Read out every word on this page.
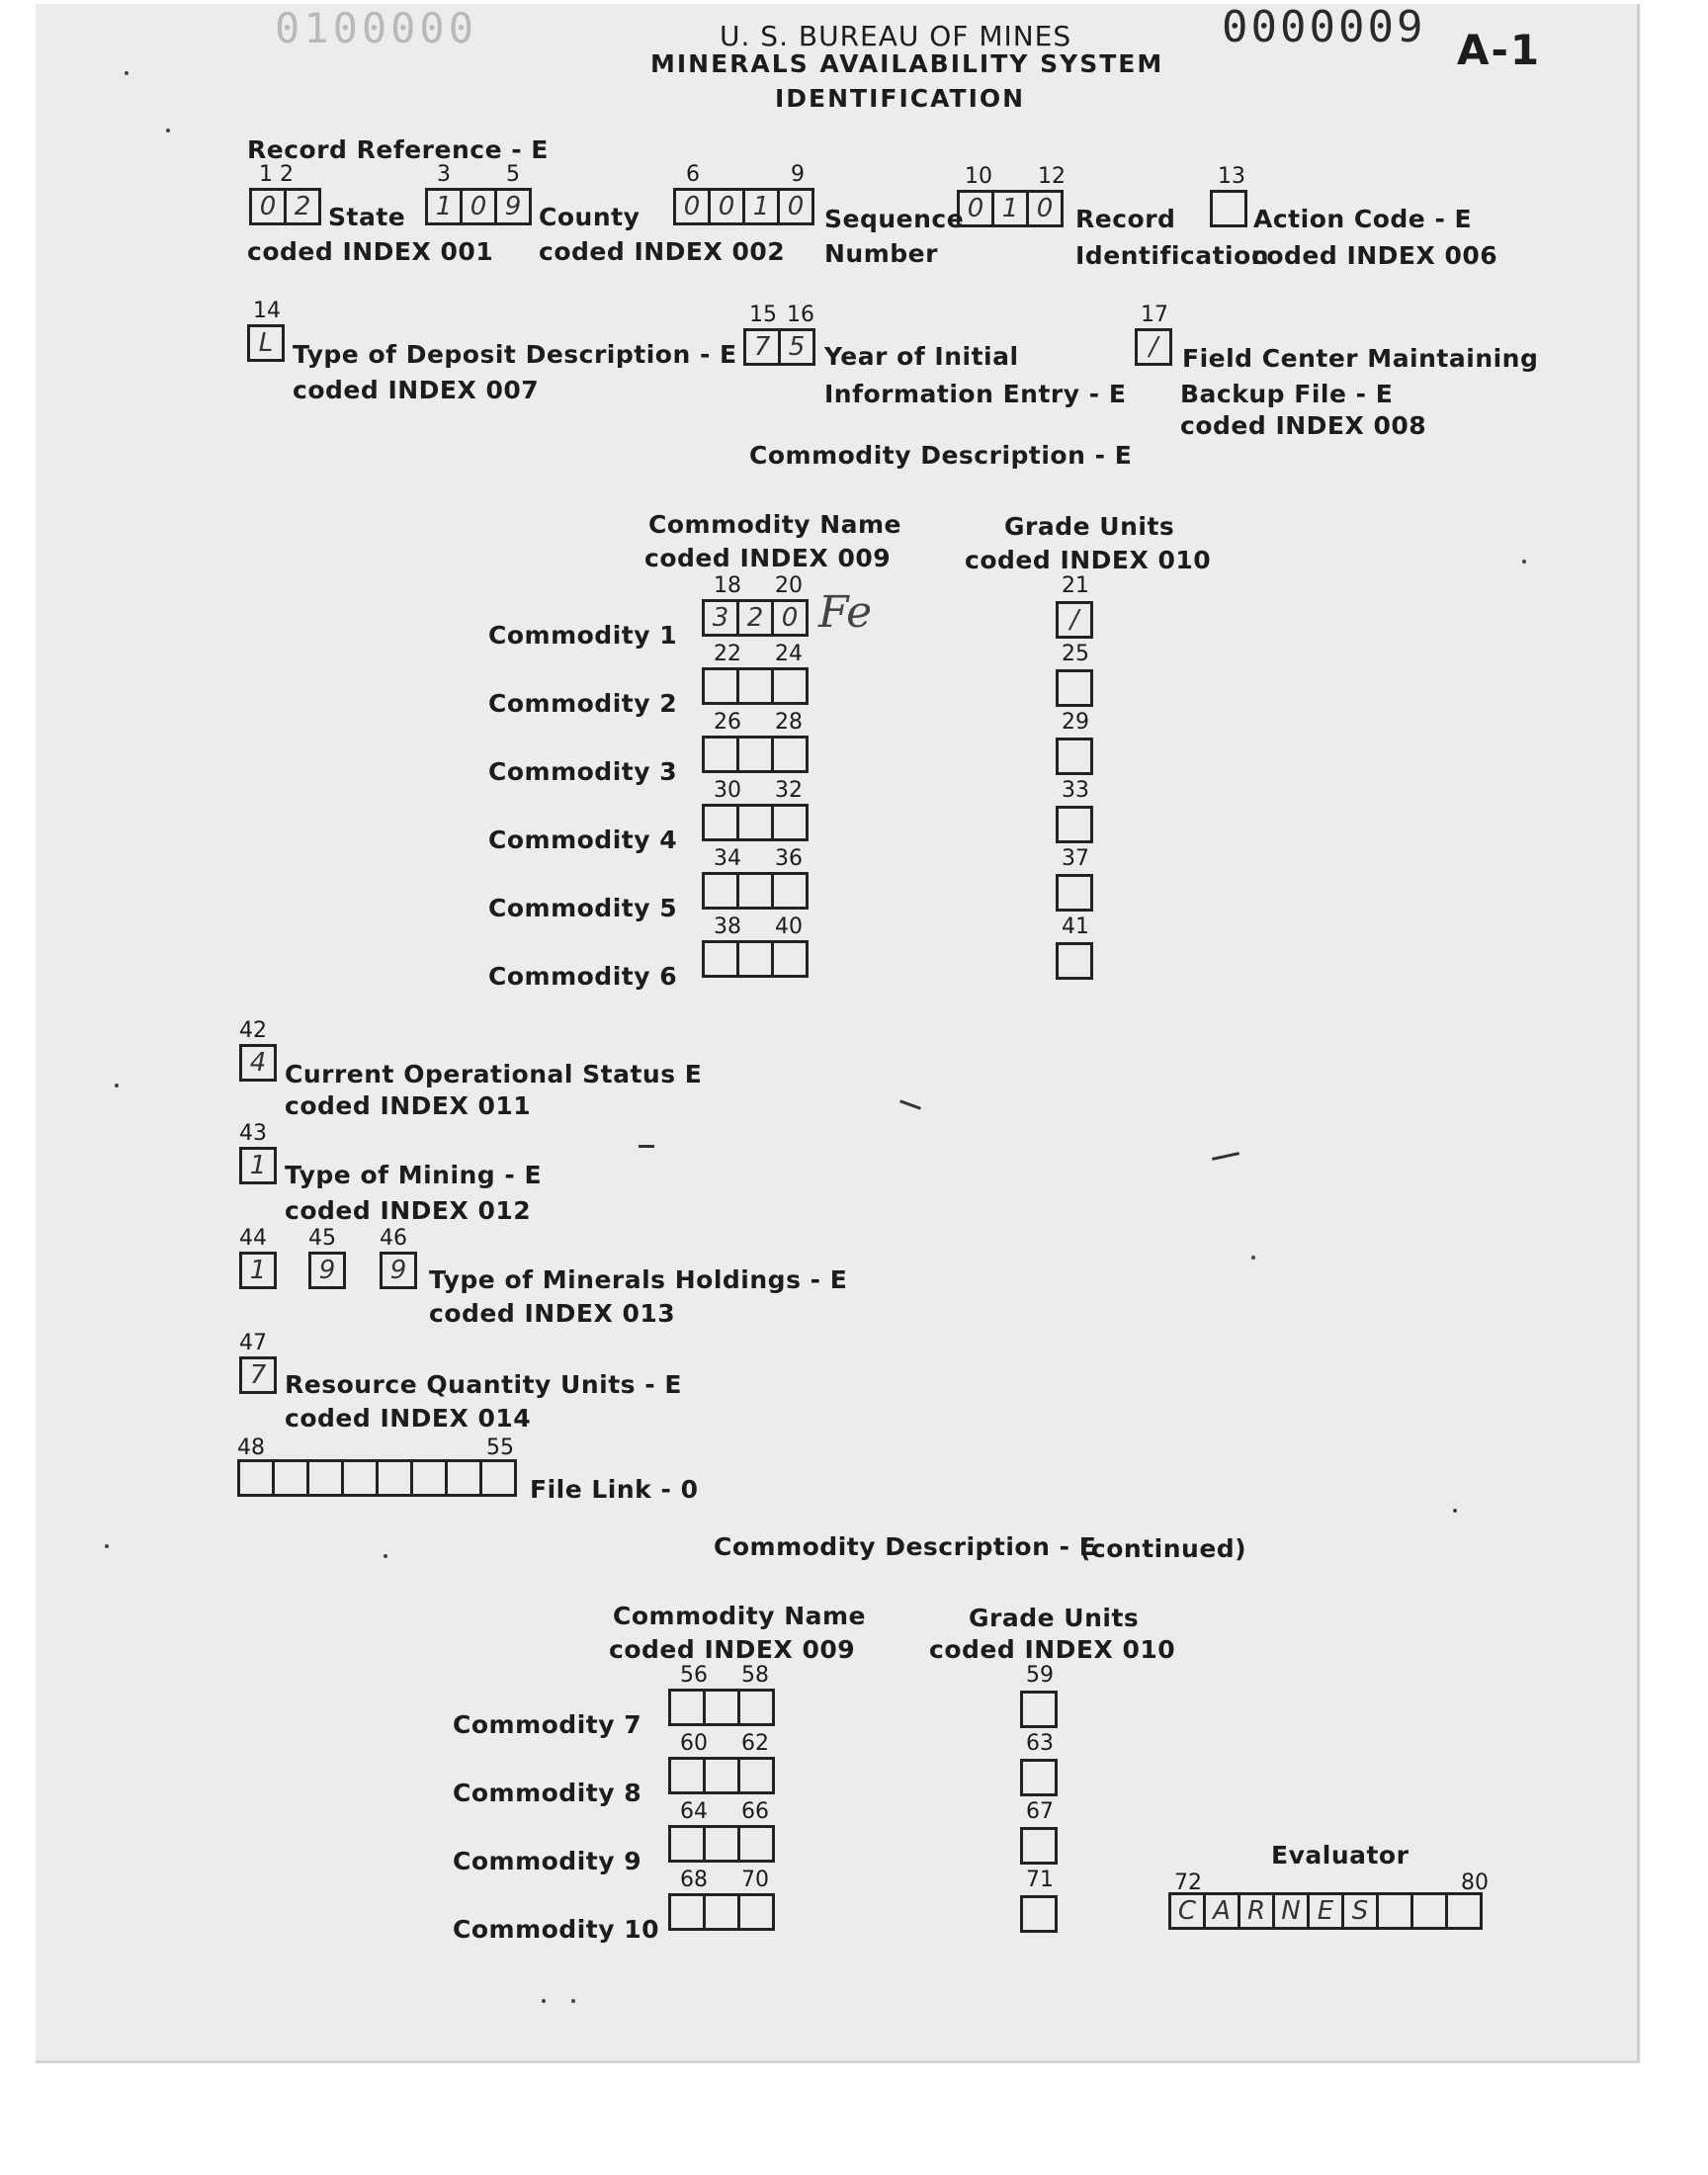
0100000	0000009 A-1
U. S. BUREAU OF MINES
MINERALS AVAILABILITY SYSTEM
IDENTIFICATION
Record Reference - E
1 2
0 2 State
coded INDEX 001
3	5
1 0 9 County
coded INDEX 002
6	9
0 0 1 0 Sequence
Number
10 12
0 1 0 Record
Identification
13
Action Code - E
coded INDEX 006
14
L Type of Deposit Description - E
coded INDEX 007
15 16
7 5 Year of Initial
Information Entry - E
17
/ Field Center Maintaining
Backup File - E
coded INDEX 008
Commodity Description - E
Commodity Name
coded INDEX 009
Grade Units
coded INDEX 010
Commodity 1
18 20
3 2 0 Fe
21
/
Commodity 2
22 24	25
Commodity 3
26 28	29
Commodity 4
30 32	33
Commodity 5
34 36	37
Commodity 6
38 40	41
42
4 Current Operational Status E
coded INDEX 011
43
1 Type of Mining - E
coded INDEX 012
44 45 46
1	9	9 Type of Minerals Holdings - E
coded INDEX 013
47
7 Resource Quantity Units - E
coded INDEX 014
48	55
File Link - 0
Commodity Description - E
(continued)
Commodity Name
coded INDEX 009
Grade Units
coded INDEX 010
Commodity 7
56 58	59
Commodity 8
60 62	63
Commodity 9
64 66	67
Commodity 10
68 70	71
Evaluator
72	80
C A R N E S
